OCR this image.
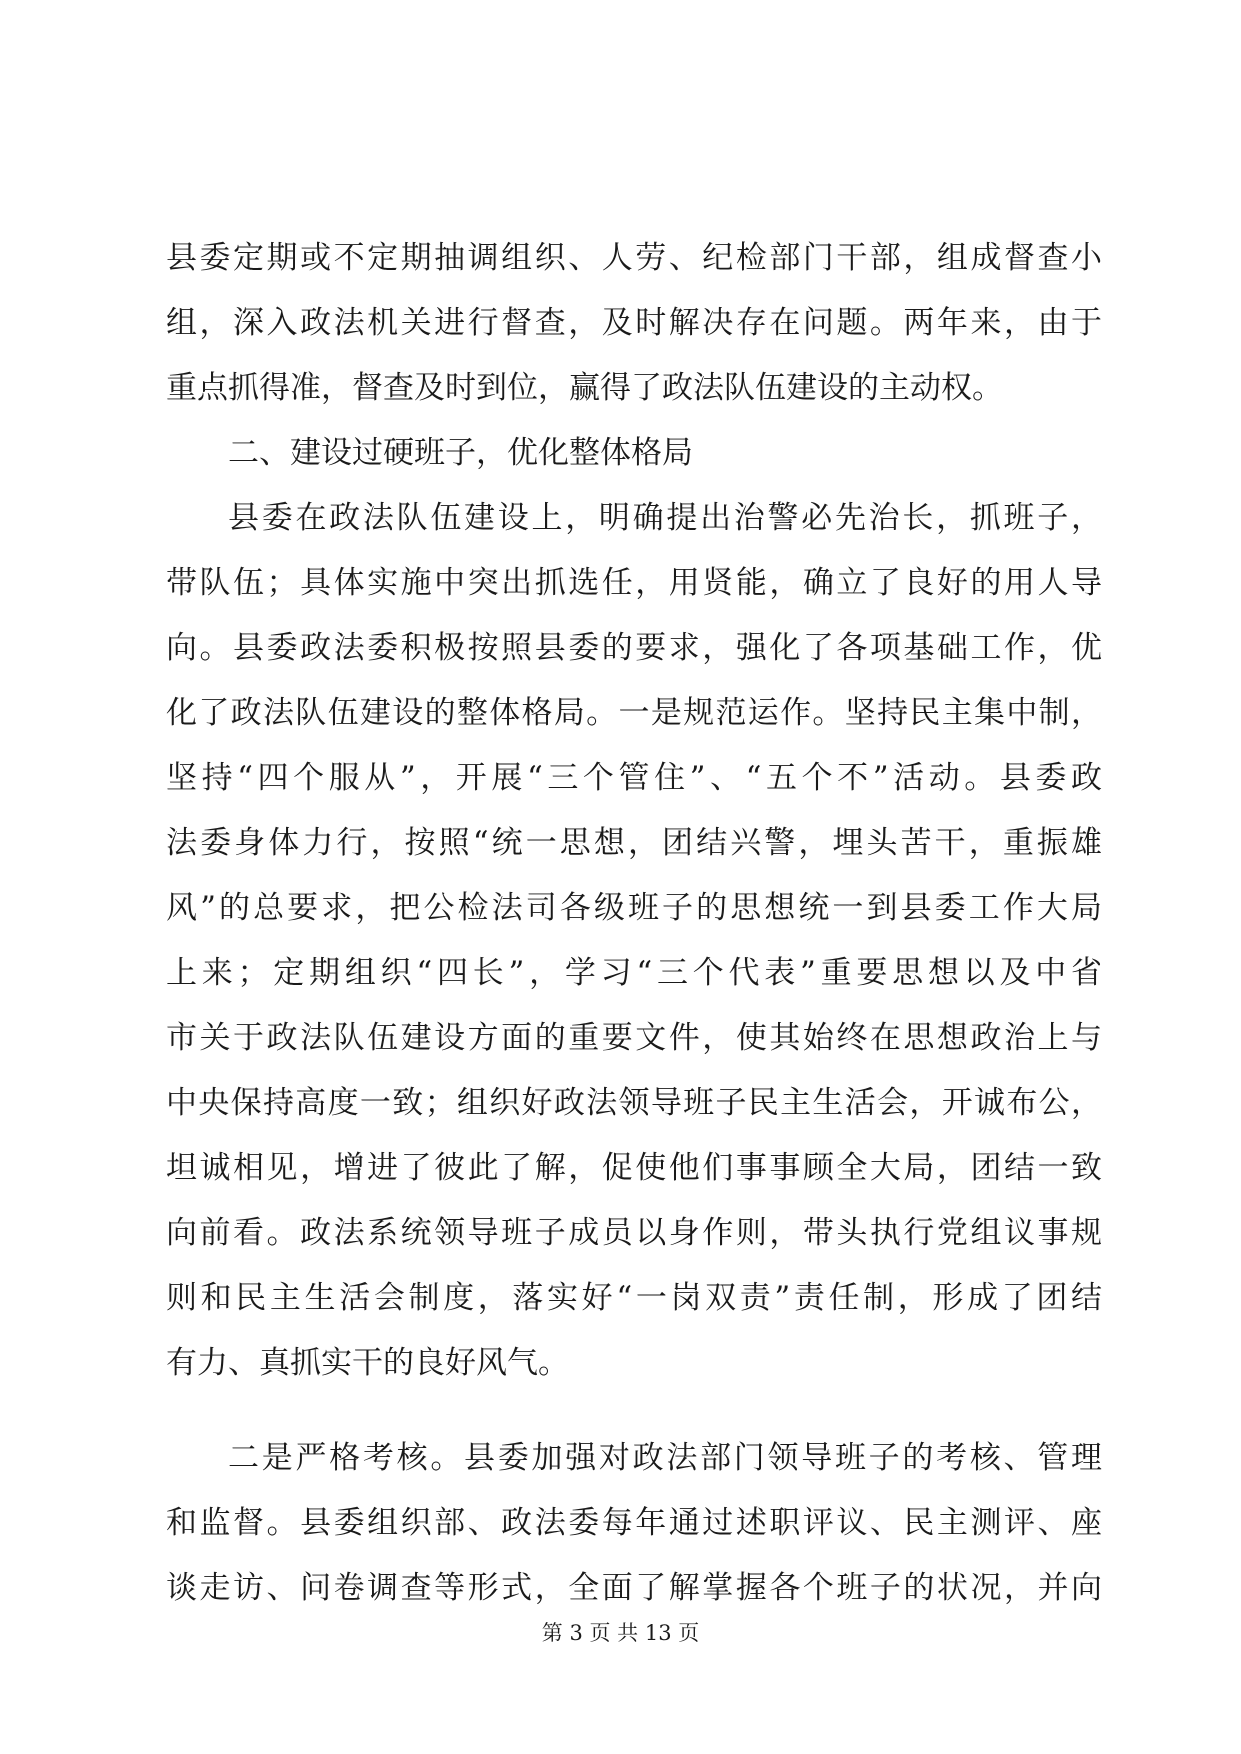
县委定期或不定期抽调组织、人劳、纪检部门干部，组成督查小
组，深入政法机关进行督查，及时解决存在问题。两年来，由于
重点抓得准，督查及时到位，赢得了政法队伍建设的主动权。
二、建设过硬班子，优化整体格局
县委在政法队伍建设上，明确提出治警必先治长，抓班子，
带队伍；具体实施中突出抓选任，用贤能，确立了良好的用人导
向。县委政法委积极按照县委的要求，强化了各项基础工作，优
化了政法队伍建设的整体格局。一是规范运作。坚持民主集中制，
坚持“四个服从”，开展“三个管住”、“五个不”活动。县委政
法委身体力行，按照“统一思想，团结兴警，埋头苦干，重振雄
风”的总要求，把公检法司各级班子的思想统一到县委工作大局
上来；定期组织“四长”，学习“三个代表”重要思想以及中省
市关于政法队伍建设方面的重要文件，使其始终在思想政治上与
中央保持高度一致；组织好政法领导班子民主生活会，开诚布公，
坦诚相见，增进了彼此了解，促使他们事事顾全大局，团结一致
向前看。政法系统领导班子成员以身作则，带头执行党组议事规
则和民主生活会制度，落实好“一岗双责”责任制，形成了团结
有力、真抓实干的良好风气。
二是严格考核。县委加强对政法部门领导班子的考核、管理
和监督。县委组织部、政法委每年通过述职评议、民主测评、座
谈走访、问卷调查等形式，全面了解掌握各个班子的状况，并向
第 3 页 共 13 页
